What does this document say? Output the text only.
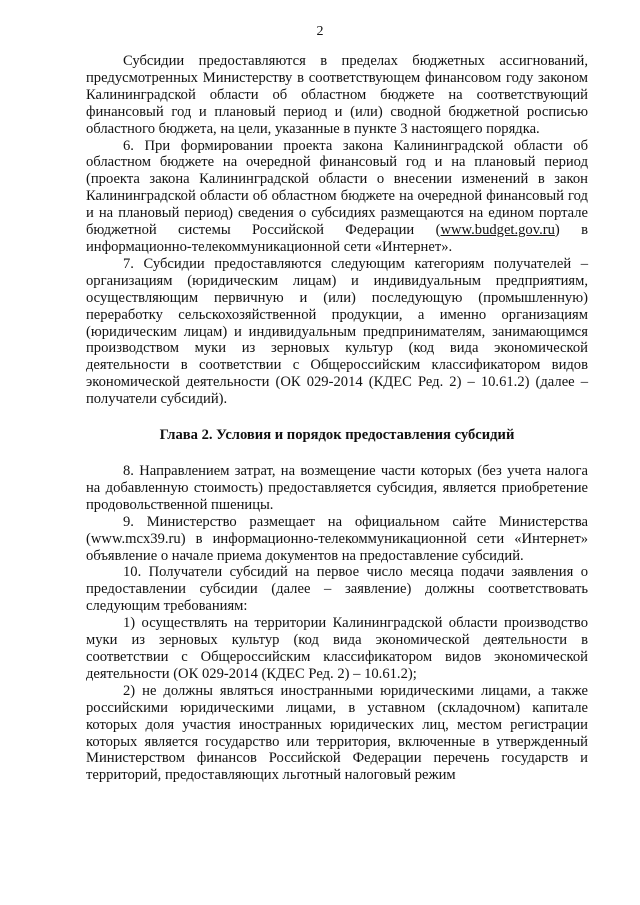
2

Субсидии предоставляются в пределах бюджетных ассигнований, предусмотренных Министерству в соответствующем финансовом году законом Калининградской области об областном бюджете на соответствующий финансовый год и плановый период и (или) сводной бюджетной росписью областного бюджета, на цели, указанные в пункте 3 настоящего порядка.

6. При формировании проекта закона Калининградской области об областном бюджете на очередной финансовый год и на плановый период (проекта закона Калининградской области о внесении изменений в закон Калининградской области об областном бюджете на очередной финансовый год и на плановый период) сведения о субсидиях размещаются на едином портале бюджетной системы Российской Федерации (www.budget.gov.ru) в информационно-телекоммуникационной сети «Интернет».

7. Субсидии предоставляются следующим категориям получателей – организациям (юридическим лицам) и индивидуальным предприятиям, осуществляющим первичную и (или) последующую (промышленную) переработку сельскохозяйственной продукции, а именно организациям (юридическим лицам) и индивидуальным предпринимателям, занимающимся производством муки из зерновых культур (код вида экономической деятельности в соответствии с Общероссийским классификатором видов экономической деятельности (ОК 029-2014 (КДЕС Ред. 2) – 10.61.2) (далее – получатели субсидий).

Глава 2. Условия и порядок предоставления субсидий

8. Направлением затрат, на возмещение части которых (без учета налога на добавленную стоимость) предоставляется субсидия, является приобретение продовольственной пшеницы.

9. Министерство размещает на официальном сайте Министерства (www.mcx39.ru) в информационно-телекоммуникационной сети «Интернет» объявление о начале приема документов на предоставление субсидий.

10. Получатели субсидий на первое число месяца подачи заявления о предоставлении субсидии (далее – заявление) должны соответствовать следующим требованиям:

1) осуществлять на территории Калининградской области производство муки из зерновых культур (код вида экономической деятельности в соответствии с Общероссийским классификатором видов экономической деятельности (ОК 029-2014 (КДЕС Ред. 2) – 10.61.2);

2) не должны являться иностранными юридическими лицами, а также российскими юридическими лицами, в уставном (складочном) капитале которых доля участия иностранных юридических лиц, местом регистрации которых является государство или территория, включенные в утвержденный Министерством финансов Российской Федерации перечень государств и территорий, предоставляющих льготный налоговый режим
